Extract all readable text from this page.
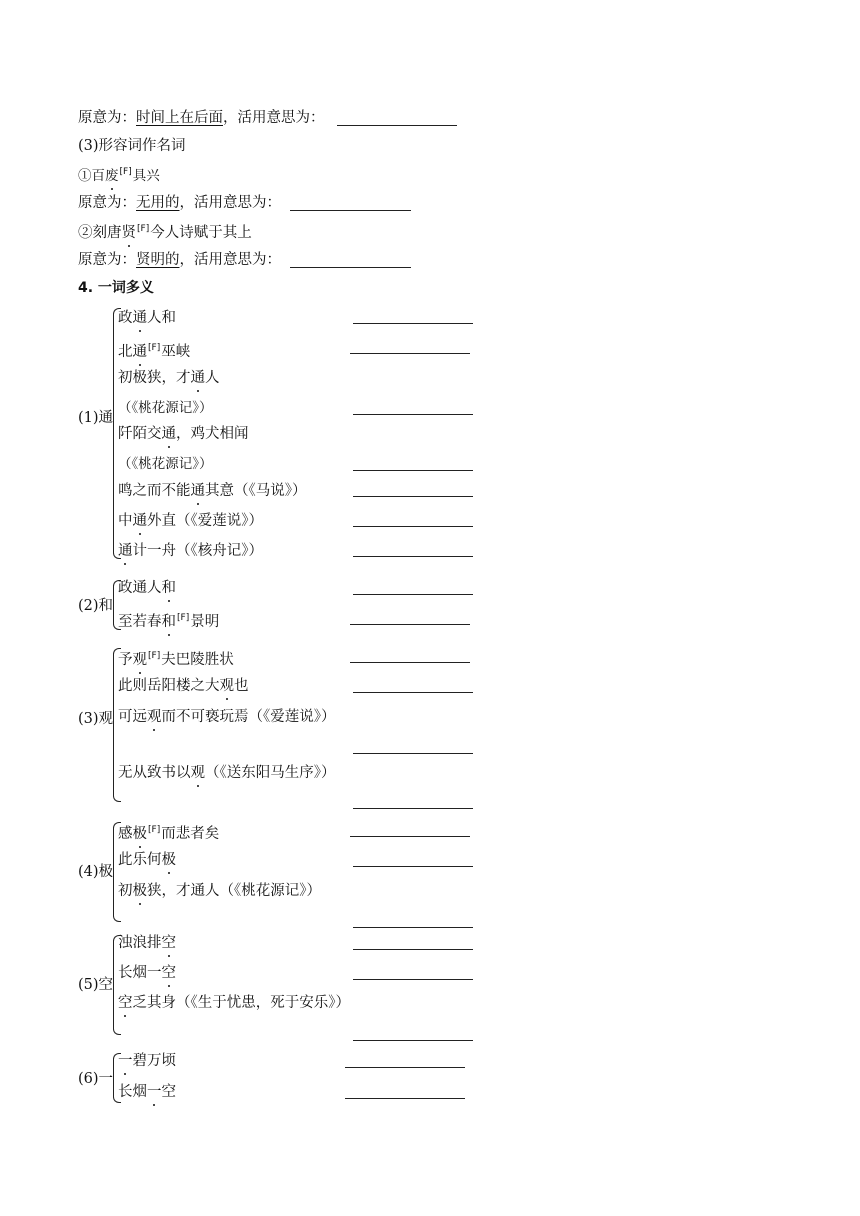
原意为：时间上在后面，活用意思为：
(3)形容词作名词
①百废[F]具兴
原意为：无用的，活用意思为：
②刻唐贤[F]今人诗赋于其上
原意为：贤明的，活用意思为：
4. 一词多义
(1)通
政通人和
北通[F]巫峡
初极狭，才通人
（《桃花源记》）
阡陌交通，鸡犬相闻
（《桃花源记》）
鸣之而不能通其意（《马说》）
中通外直（《爱莲说》）
通计一舟（《核舟记》）
(2)和
政通人和
至若春和[F]景明
(3)观
予观[F]夫巴陵胜状
此则岳阳楼之大观也
可远观而不可亵玩焉（《爱莲说》）
无从致书以观（《送东阳马生序》）
(4)极
感极[F]而悲者矣
此乐何极
初极狭，才通人（《桃花源记》）
(5)空
浊浪排空
长烟一空
空乏其身（《生于忧患，死于安乐》）
(6)一
一碧万顷
长烟一空
